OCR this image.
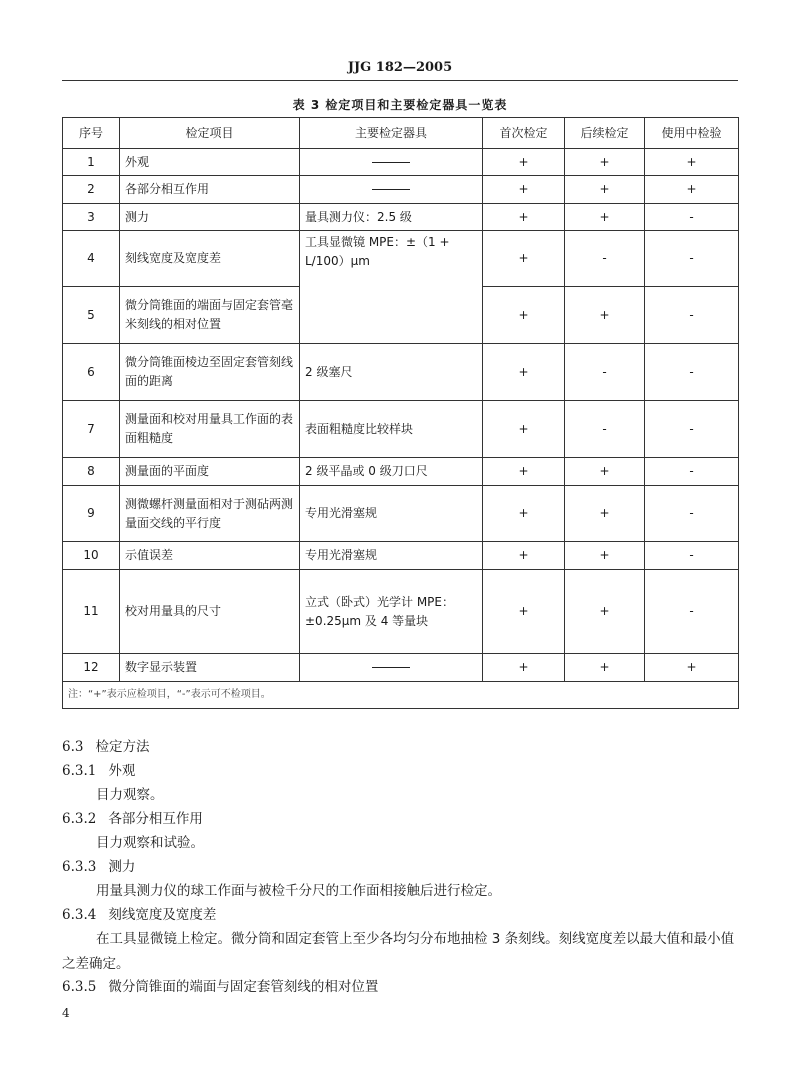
JJG 182—2005
表 3 检定项目和主要检定器具一览表
序号	检定项目	主要检定器具	首次检定	后续检定	使用中检验
1	外观		+	+	+
2	各部分相互作用		+	+	+
3	测力	量具测力仪：2.5 级	+	+	-
4	刻线宽度及宽度差	工具显微镜 MPE：±（1 + L/100）μm	+	-	-
5	微分筒锥面的端面与固定套管毫米刻线的相对位置		+	+	-
6	微分筒锥面棱边至固定套管刻线面的距离	2 级塞尺	+	-	-
7	测量面和校对用量具工作面的表面粗糙度	表面粗糙度比较样块	+	-	-
8	测量面的平面度	2 级平晶或 0 级刀口尺	+	+	-
9	测微螺杆测量面相对于测砧两测量面交线的平行度	专用光滑塞规	+	+	-
10	示值误差	专用光滑塞规	+	+	-
11	校对用量具的尺寸	立式（卧式）光学计 MPE：±0.25μm 及 4 等量块	+	+	-
12	数字显示装置		+	+	+
注：“+”表示应检项目，“-”表示可不检项目。					
6.3 检定方法
6.3.1 外观
目力观察。
6.3.2 各部分相互作用
目力观察和试验。
6.3.3 测力
用量具测力仪的球工作面与被检千分尺的工作面相接触后进行检定。
6.3.4 刻线宽度及宽度差
在工具显微镜上检定。微分筒和固定套管上至少各均匀分布地抽检 3 条刻线。刻线宽度差以最大值和最小值之差确定。
6.3.5 微分筒锥面的端面与固定套管刻线的相对位置
4
